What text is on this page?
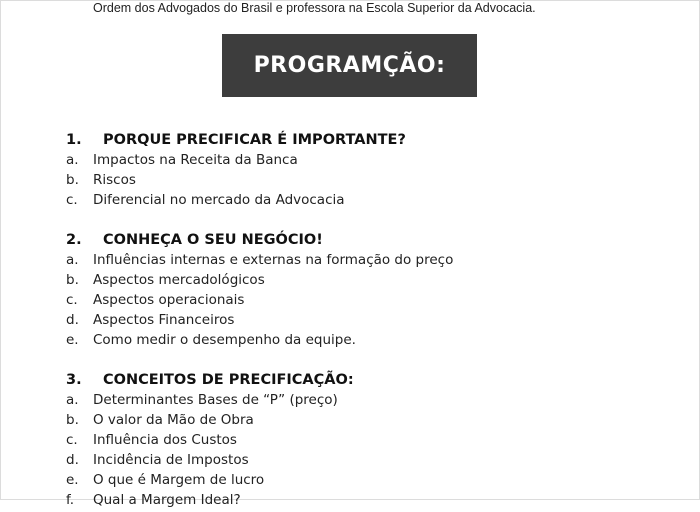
Ordem dos Advogados do Brasil e professora na Escola Superior da Advocacia.
PROGRAMÇÃO:
1.	PORQUE PRECIFICAR É IMPORTANTE?
a.	Impactos na Receita da Banca
b.	Riscos
c.	Diferencial no mercado da Advocacia
2.	CONHEÇA O SEU NEGÓCIO!
a.	Influências internas e externas na formação do preço
b.	Aspectos mercadológicos
c.	Aspectos operacionais
d.	Aspectos Financeiros
e.	Como medir o desempenho da equipe.
3.	CONCEITOS DE PRECIFICAÇÃO:
a.	Determinantes Bases de “P” (preço)
b.	O valor da Mão de Obra
c.	Influência dos Custos
d.	Incidência de Impostos
e.	O que é Margem de lucro
f.	Qual a Margem Ideal?
